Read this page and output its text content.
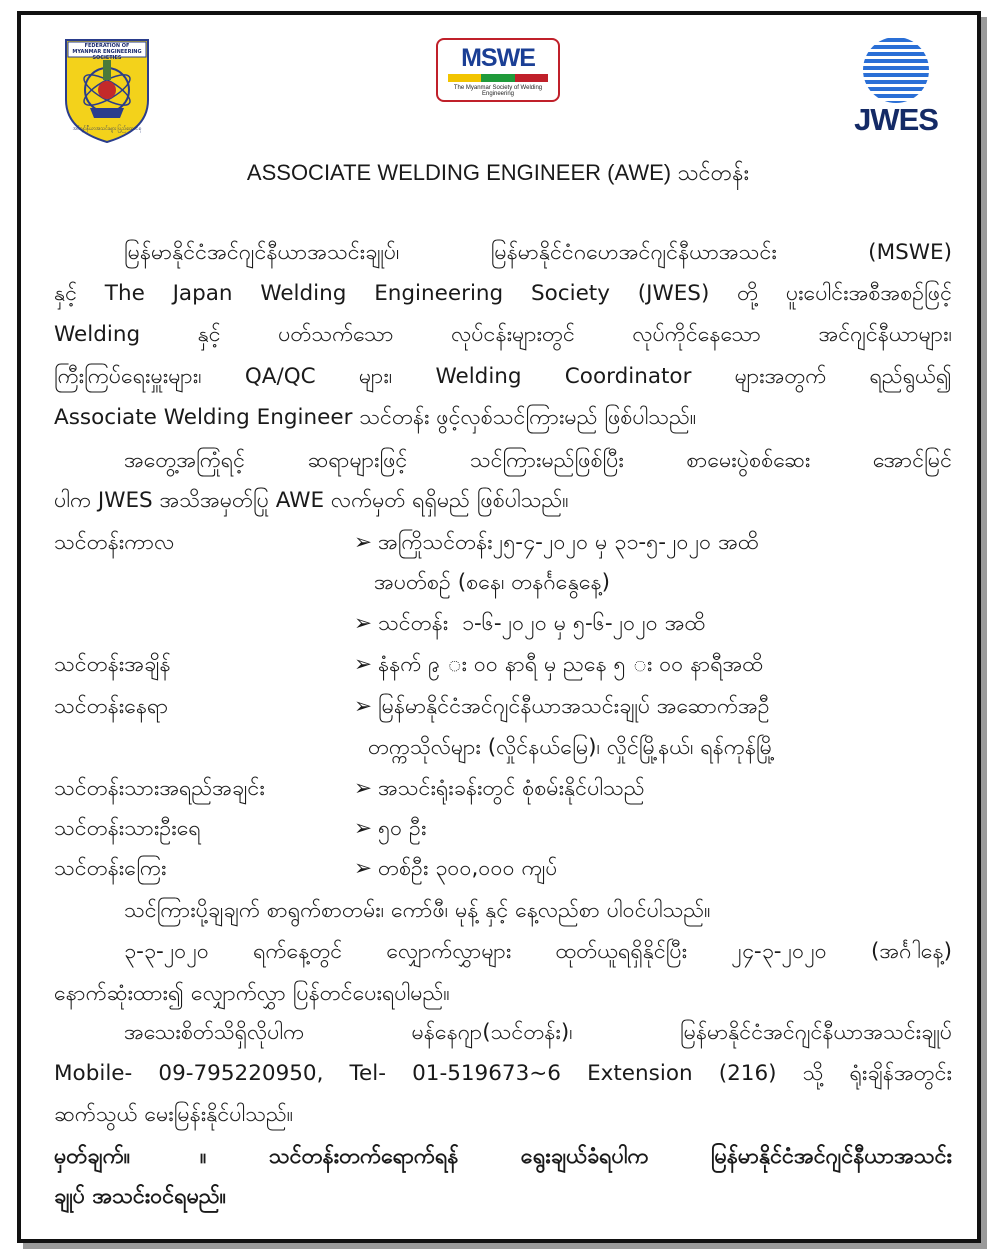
FEDERATION OF
MYANMAR ENGINEERING SOCIETIES
အင်ဂျင်နီယာအသင်းများ ပြည်ထောင်စု
MSWE
The Myanmar Society of Welding Engineering
JWES
ASSOCIATE WELDING ENGINEER (AWE) သင်တန်း
မြန်မာနိုင်ငံအင်ဂျင်နီယာအသင်းချုပ်၊ မြန်မာနိုင်ငံဂဟေအင်ဂျင်နီယာအသင်း (MSWE)
နှင့် The Japan Welding Engineering Society (JWES) တို့ ပူးပေါင်းအစီအစဉ်ဖြင့်
Welding နှင့် ပတ်သက်သော လုပ်ငန်းများတွင် လုပ်ကိုင်နေသော အင်ဂျင်နီယာများ၊
ကြီးကြပ်ရေးမှူးများ၊ QA/QC များ၊ Welding Coordinator များအတွက် ရည်ရွယ်၍
Associate Welding Engineer သင်တန်း ဖွင့်လှစ်သင်ကြားမည် ဖြစ်ပါသည်။
အတွေ့အကြုံရင့် ဆရာများဖြင့် သင်ကြားမည်ဖြစ်ပြီး စာမေးပွဲစစ်ဆေး အောင်မြင်
ပါက JWES အသိအမှတ်ပြု AWE လက်မှတ် ရရှိမည် ဖြစ်ပါသည်။
သင်တန်းကာလ	➢ အကြိုသင်တန်း၂၅-၄-၂၀၂၀ မှ ၃၁-၅-၂၀၂၀ အထိ
အပတ်စဉ် (စနေ၊ တနင်္ဂနွေနေ့)
➢ သင်တန်း  ၁-၆-၂၀၂၀ မှ ၅-၆-၂၀၂၀ အထိ
သင်တန်းအချိန်	➢ နံနက် ၉ း ၀၀ နာရီ မှ ညနေ ၅ း ၀၀ နာရီအထိ
သင်တန်းနေရာ	➢ မြန်မာနိုင်ငံအင်ဂျင်နီယာအသင်းချုပ် အဆောက်အဦ
တက္ကသိုလ်များ (လှိုင်နယ်မြေ)၊ လှိုင်မြို့နယ်၊ ရန်ကုန်မြို့
သင်တန်းသားအရည်အချင်း	➢ အသင်းရုံးခန်းတွင် စုံစမ်းနိုင်ပါသည်
သင်တန်းသားဦးရေ	➢ ၅၀ ဦး
သင်တန်းကြေး	➢ တစ်ဦး ၃၀၀,၀၀၀ ကျပ်
သင်ကြားပို့ချချက် စာရွက်စာတမ်း၊ ကော်ဖီ၊ မုန့် နှင့် နေ့လည်စာ ပါဝင်ပါသည်။
၃-၃-၂၀၂၀ ရက်နေ့တွင် လျှောက်လွှာများ ထုတ်ယူရရှိနိုင်ပြီး ၂၄-၃-၂၀၂၀ (အင်္ဂါနေ့)
နောက်ဆုံးထား၍ လျှောက်လွှာ ပြန်တင်ပေးရပါမည်။
အသေးစိတ်သိရှိလိုပါက မန်နေဂျာ(သင်တန်း)၊ မြန်မာနိုင်ငံအင်ဂျင်နီယာအသင်းချုပ်
Mobile- 09-795220950, Tel- 01-519673~6 Extension (216) သို့ ရုံးချိန်အတွင်း
ဆက်သွယ် မေးမြန်းနိုင်ပါသည်။
မှတ်ချက်။	။ သင်တန်းတက်ရောက်ရန် ရွေးချယ်ခံရပါက မြန်မာနိုင်ငံအင်ဂျင်နီယာအသင်း
ချုပ် အသင်းဝင်ရမည်။
